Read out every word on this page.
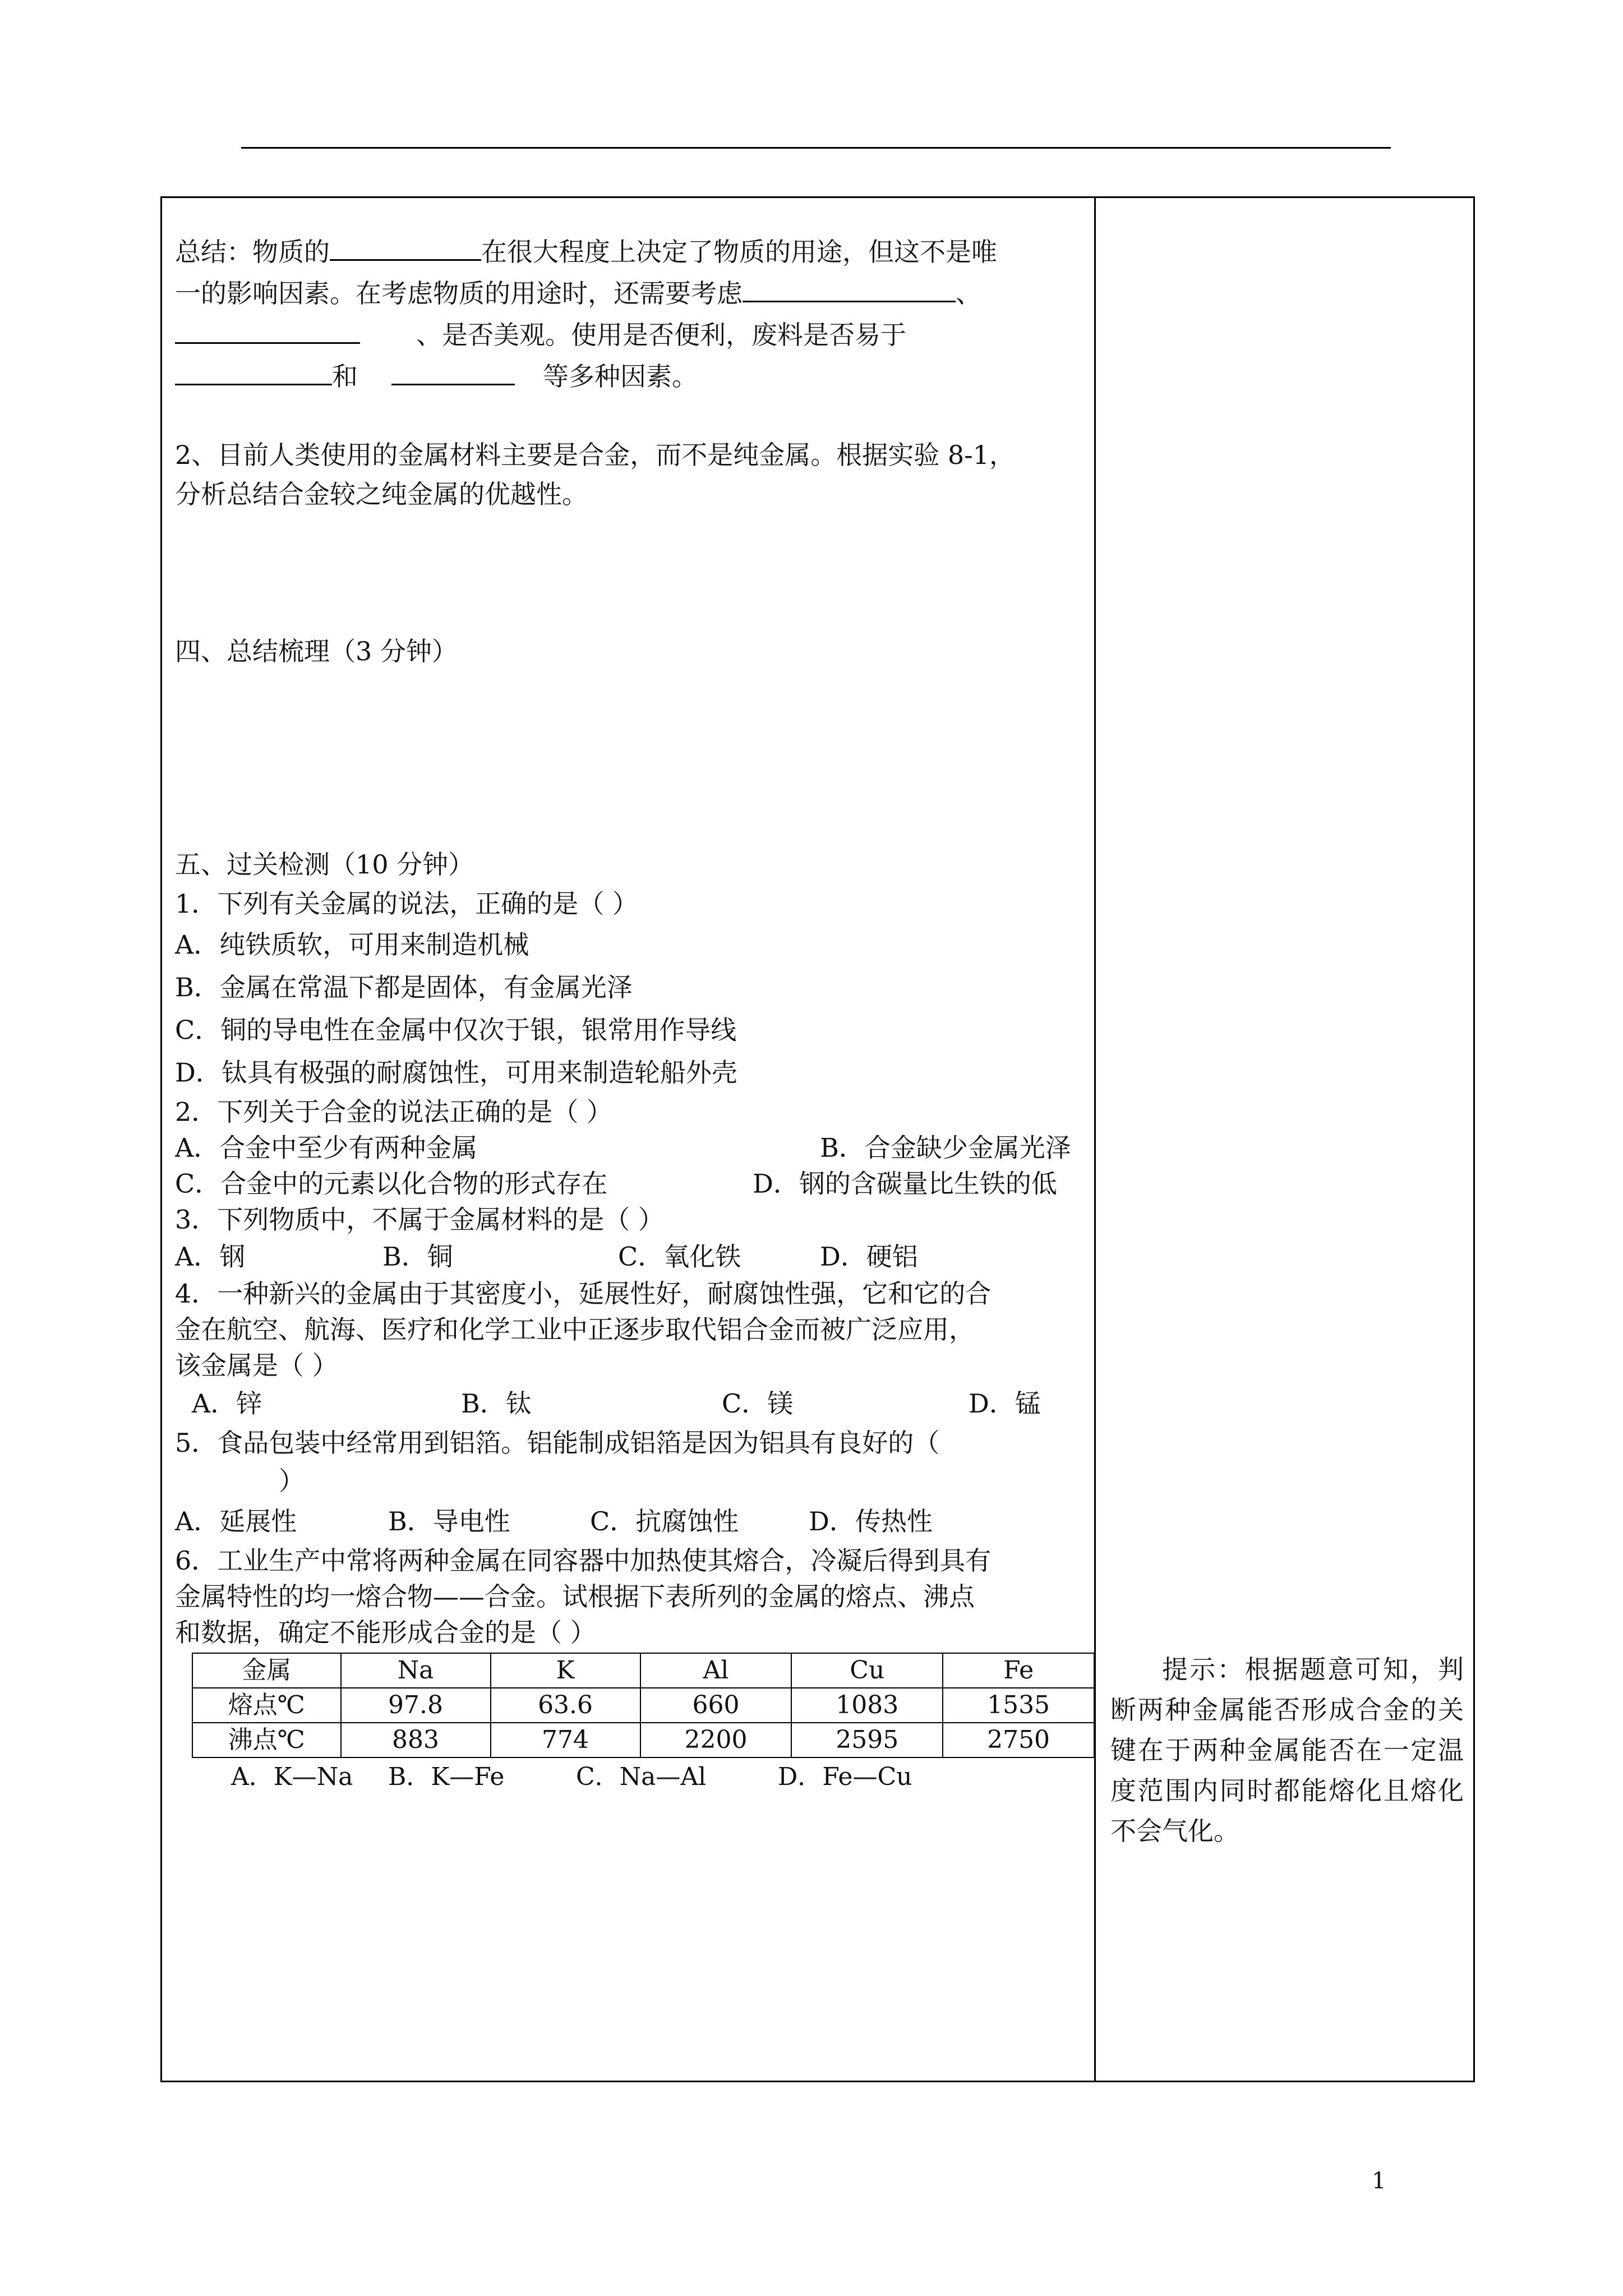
总结：物质的	在很大程度上决定了物质的用途，但这不是唯

一的影响因素。在考虑物质的用途时，还需要考虑	、

、是否美观。使用是否便利，废料是否易于

和	等多种因素。

2、目前人类使用的金属材料主要是合金，而不是纯金属。根据实验 8-1，

分析总结合金较之纯金属的优越性。

四、总结梳理（3 分钟）

五、过关检测（10 分钟）

1．下列有关金属的说法，正确的是（ ）

A．纯铁质软，可用来制造机械

B．金属在常温下都是固体，有金属光泽

C．铜的导电性在金属中仅次于银，银常用作导线

D．钛具有极强的耐腐蚀性，可用来制造轮船外壳

2．下列关于合金的说法正确的是（ ）

A．合金中至少有两种金属	B．合金缺少金属光泽

C．合金中的元素以化合物的形式存在	D．钢的含碳量比生铁的低

3．下列物质中，不属于金属材料的是（ ）

A．钢	B．铜	C．氧化铁	D．硬铝

4．一种新兴的金属由于其密度小，延展性好，耐腐蚀性强，它和它的合

金在航空、航海、医疗和化学工业中正逐步取代铝合金而被广泛应用，

该金属是（ ）

A．锌	B．钛	C．镁	D．锰

5．食品包装中经常用到铝箔。铝能制成铝箔是因为铝具有良好的（

）

A．延展性	B．导电性	C．抗腐蚀性	D．传热性

6．工业生产中常将两种金属在同容器中加热使其熔合，冷凝后得到具有

金属特性的均一熔合物——合金。试根据下表所列的金属的熔点、沸点

和数据，确定不能形成合金的是（ ）

金属	Na	K	Al	Cu	Fe
熔点℃	97.8	63.6	660	1083	1535
沸点℃	883	774	2200	2595	2750

A．K—Na	B．K—Fe	C．Na—Al	D．Fe—Cu

提示：根据题意可知，判断两种金属能否形成合金的关键在于两种金属能否在一定温度范围内同时都能熔化且熔化不会气化。
1
